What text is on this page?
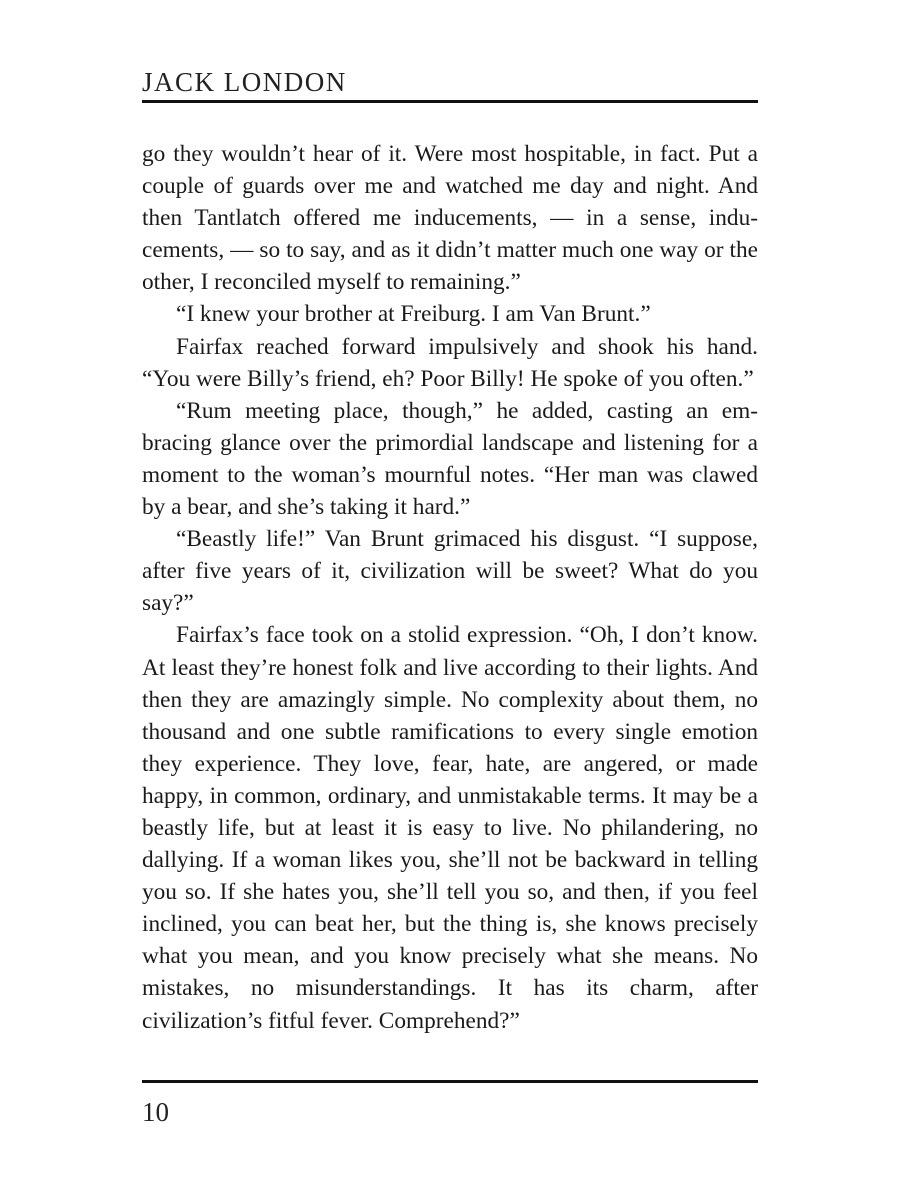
JACK LONDON

go they wouldn’t hear of it. Were most hospitable, in fact. Put a couple of guards over me and watched me day and night. And then Tantlatch offered me inducements, — in a sense, inducements, — so to say, and as it didn’t matter much one way or the other, I reconciled myself to remaining.”

“I knew your brother at Freiburg. I am Van Brunt.”

Fairfax reached forward impulsively and shook his hand. “You were Billy’s friend, eh? Poor Billy! He spoke of you often.”

“Rum meeting place, though,” he added, casting an embracing glance over the primordial landscape and listening for a moment to the woman’s mournful notes. “Her man was clawed by a bear, and she’s taking it hard.”

“Beastly life!” Van Brunt grimaced his disgust. “I suppose, after five years of it, civilization will be sweet? What do you say?”

Fairfax’s face took on a stolid expression. “Oh, I don’t know. At least they’re honest folk and live according to their lights. And then they are amazingly simple. No complexity about them, no thousand and one subtle ramifications to every single emotion they experience. They love, fear, hate, are angered, or made happy, in common, ordinary, and unmistakable terms. It may be a beastly life, but at least it is easy to live. No philandering, no dallying. If a woman likes you, she’ll not be backward in telling you so. If she hates you, she’ll tell you so, and then, if you feel inclined, you can beat her, but the thing is, she knows precisely what you mean, and you know precisely what she means. No mistakes, no misunderstandings. It has its charm, after civilization’s fitful fever. Comprehend?”

10
